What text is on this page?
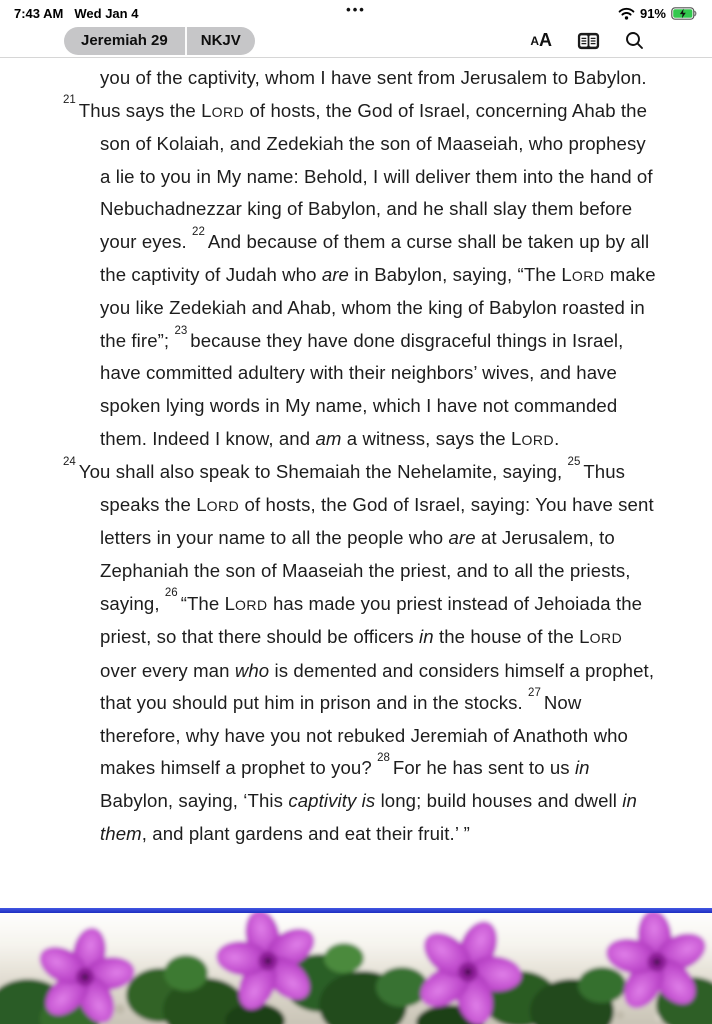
7:43 AM Wed Jan 4	•••	91%
Jeremiah 29	NKJV	A A

you of the captivity, whom I have sent from Jerusalem to Babylon.

$^{21}$ Thus says the LORD of hosts, the God of Israel, concerning Ahab the son of Kolaiah, and Zedekiah the son of Maaseiah, who prophesy a lie to you in My name: Behold, I will deliver them into the hand of Nebuchadnezzar king of Babylon, and he shall slay them before your eyes. $^{22}$ And because of them a curse shall be taken up by all the captivity of Judah who are in Babylon, saying, “The LORD make you like Zedekiah and Ahab, whom the king of Babylon roasted in the fire”; $^{23}$ because they have done disgraceful things in Israel, have committed adultery with their neighbors’ wives, and have spoken lying words in My name, which I have not commanded them. Indeed I know, and am a witness, says the LORD.

$^{24}$ You shall also speak to Shemaiah the Nehelamite, saying, $^{25}$ Thus speaks the LORD of hosts, the God of Israel, saying: You have sent letters in your name to all the people who are at Jerusalem, to Zephaniah the son of Maaseiah the priest, and to all the priests, saying, $^{26}$ “The LORD has made you priest instead of Jehoiada the priest, so that there should be officers in the house of the LORD over every man who is demented and considers himself a prophet, that you should put him in prison and in the stocks. $^{27}$ Now therefore, why have you not rebuked Jeremiah of Anathoth who makes himself a prophet to you? $^{28}$ For he has sent to us in Babylon, saying, ‘This captivity is long; build houses and dwell in them, and plant gardens and eat their fruit.’ ”
